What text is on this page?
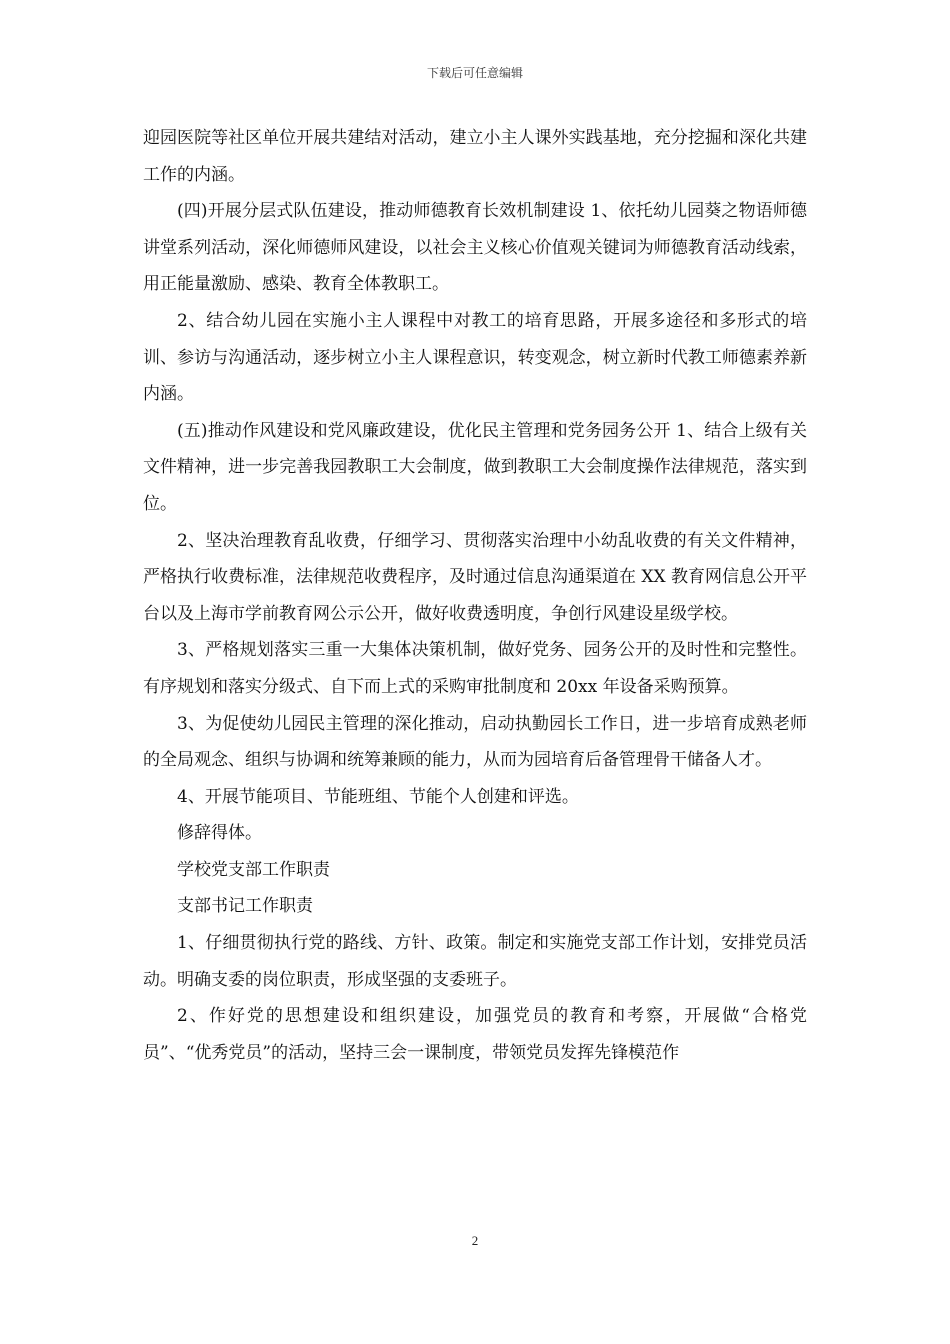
下载后可任意编辑

迎园医院等社区单位开展共建结对活动，建立小主人课外实践基地，充分挖掘和深化共建工作的内涵。

(四)开展分层式队伍建设，推动师德教育长效机制建设 1、依托幼儿园葵之物语师德讲堂系列活动，深化师德师风建设，以社会主义核心价值观关键词为师德教育活动线索，用正能量激励、感染、教育全体教职工。

2、结合幼儿园在实施小主人课程中对教工的培育思路，开展多途径和多形式的培训、参访与沟通活动，逐步树立小主人课程意识，转变观念，树立新时代教工师德素养新内涵。

(五)推动作风建设和党风廉政建设，优化民主管理和党务园务公开 1、结合上级有关文件精神，进一步完善我园教职工大会制度，做到教职工大会制度操作法律规范，落实到位。

2、坚决治理教育乱收费，仔细学习、贯彻落实治理中小幼乱收费的有关文件精神，严格执行收费标准，法律规范收费程序，及时通过信息沟通渠道在 XX 教育网信息公开平台以及上海市学前教育网公示公开，做好收费透明度，争创行风建设星级学校。

3、严格规划落实三重一大集体决策机制，做好党务、园务公开的及时性和完整性。有序规划和落实分级式、自下而上式的采购审批制度和 20xx 年设备采购预算。

3、为促使幼儿园民主管理的深化推动，启动执勤园长工作日，进一步培育成熟老师的全局观念、组织与协调和统筹兼顾的能力，从而为园培育后备管理骨干储备人才。

4、开展节能项目、节能班组、节能个人创建和评选。

修辞得体。

学校党支部工作职责

支部书记工作职责

1、仔细贯彻执行党的路线、方针、政策。制定和实施党支部工作计划，安排党员活动。明确支委的岗位职责，形成坚强的支委班子。

2、作好党的思想建设和组织建设，加强党员的教育和考察，开展做“合格党员”、“优秀党员”的活动，坚持三会一课制度，带领党员发挥先锋模范作

2
